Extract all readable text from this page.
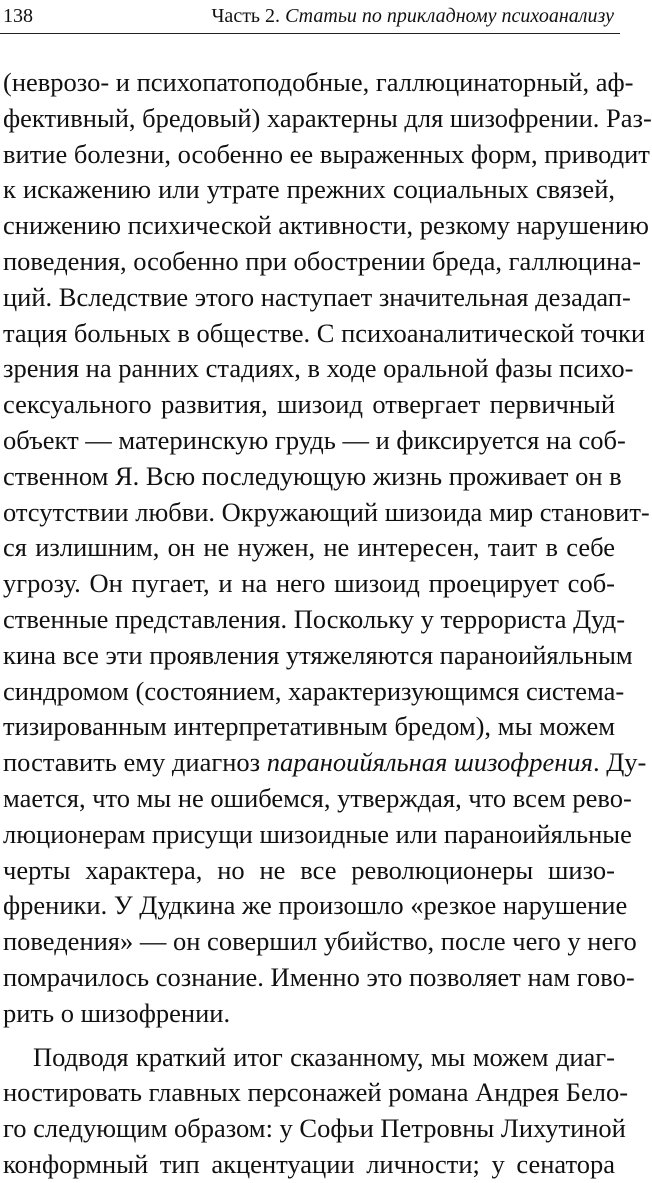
138	Часть 2. Статьи по прикладному психоанализу
(неврозо- и психопатоподобные, галлюцинаторный, аф-
фективный, бредовый) характерны для шизофрении. Раз-
витие болезни, особенно ее выраженных форм, приводит
к искажению или утрате прежних социальных связей,
снижению психической активности, резкому нарушению
поведения, особенно при обострении бреда, галлюцина-
ций. Вследствие этого наступает значительная дезадап-
тация больных в обществе. С психоаналитической точки
зрения на ранних стадиях, в ходе оральной фазы психо-
сексуального развития, шизоид отвергает первичный
объект — материнскую грудь — и фиксируется на соб-
ственном Я. Всю последующую жизнь проживает он в
отсутствии любви. Окружающий шизоида мир становит-
ся излишним, он не нужен, не интересен, таит в себе
угрозу. Он пугает, и на него шизоид проецирует соб-
ственные представления. Поскольку у террориста Дуд-
кина все эти проявления утяжеляются параноийяльным
синдромом (состоянием, характеризующимся система-
тизированным интерпретативным бредом), мы можем
поставить ему диагноз параноийяльная шизофрения. Ду-
мается, что мы не ошибемся, утверждая, что всем рево-
люционерам присущи шизоидные или параноийяльные
черты характера, но не все революционеры шизо-
френики. У Дудкина же произошло «резкое нарушение
поведения» — он совершил убийство, после чего у него
помрачилось сознание. Именно это позволяет нам гово-
рить о шизофрении.
Подводя краткий итог сказанному, мы можем диаг-
ностировать главных персонажей романа Андрея Бело-
го следующим образом: у Софьи Петровны Лихутиной
конформный тип акцентуации личности; у сенатора
